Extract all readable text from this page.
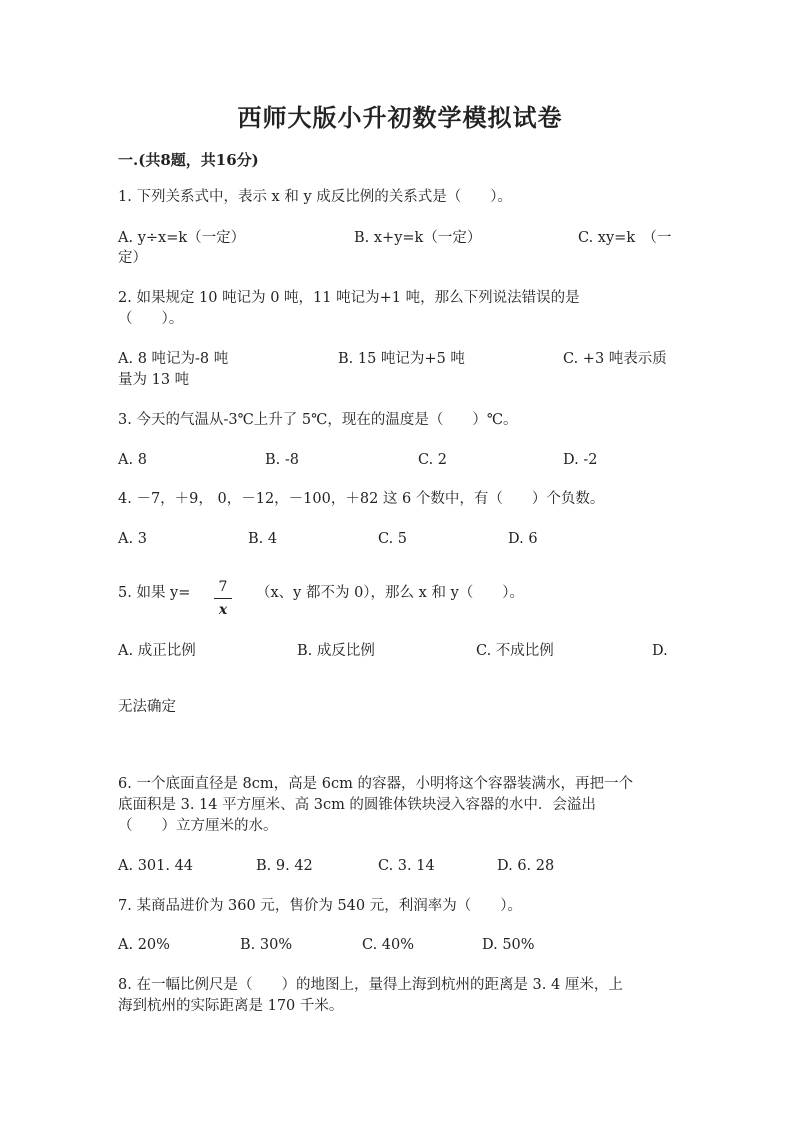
西师大版小升初数学模拟试卷
一.(共8题，共16分)
1. 下列关系式中，表示 x 和 y 成反比例的关系式是（　　）。
A. y÷x=k（一定）	B. x+y=k（一定）	C. xy=k　（一
定）
2. 如果规定 10 吨记为 0 吨，11 吨记为+1 吨，那么下列说法错误的是
（　　）。
A. 8 吨记为-8 吨	B. 15 吨记为+5 吨	C. +3 吨表示质
量为 13 吨
3. 今天的气温从-3℃上升了 5℃，现在的温度是（　　）℃。
A. 8	B. -8	C. 2	D. -2
4. －7，＋9， 0，－12，－100，＋82 这 6 个数中，有（　　）个负数。
A. 3	B. 4	C. 5	D. 6
5. 如果 y=	7
x
（x、y 都不为 0），那么 x 和 y（　　）。
A. 成正比例	B. 成反比例	C. 不成比例	D.
无法确定
6. 一个底面直径是 8cm，高是 6cm 的容器，小明将这个容器装满水，再把一个
底面积是 3. 14 平方厘米、高 3cm 的圆锥体铁块浸入容器的水中．会溢出
（　　）立方厘米的水。
A. 301. 44	B. 9. 42	C. 3. 14	D. 6. 28
7. 某商品进价为 360 元，售价为 540 元，利润率为（　　）。
A. 20%	B. 30%	C. 40%	D. 50%
8. 在一幅比例尺是（　　）的地图上，量得上海到杭州的距离是 3. 4 厘米，上
海到杭州的实际距离是 170 千米。
